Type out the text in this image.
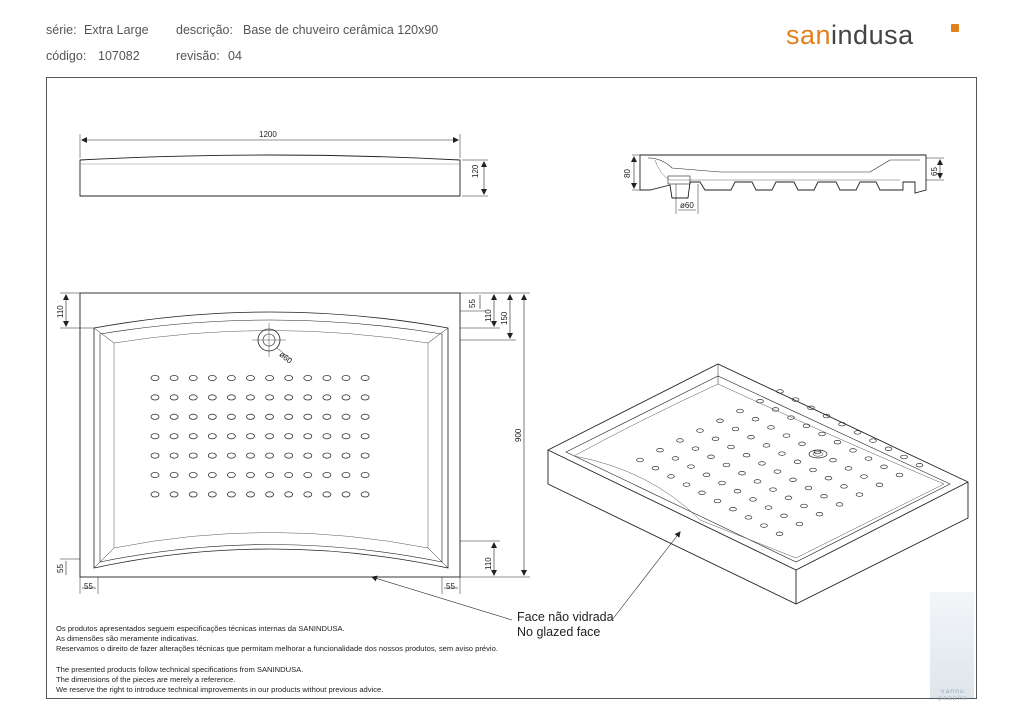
série: Extra Large descrição: Base de chuveiro cerâmica 120x90
código: 107082	revisão: 04
sanindusa
1200
120	80	65
ø60
110
55
110 150
900
ø60
55	110
55	55
Face não vidrada
No glazed face
Os produtos apresentados seguem especificações técnicas internas da SANINDUSA.
As dimensões são meramente indicativas.
Reservamos o direito de fazer alterações técnicas que permitam melhorar a funcionalidade dos nossos produtos, sem aviso prévio.
The presented products follow technical specifications from SANINDUSA.
The dimensions of the pieces are merely a reference.
We reserve the right to introduce technical improvements in our products without previous advice.	vannu
paaalle
